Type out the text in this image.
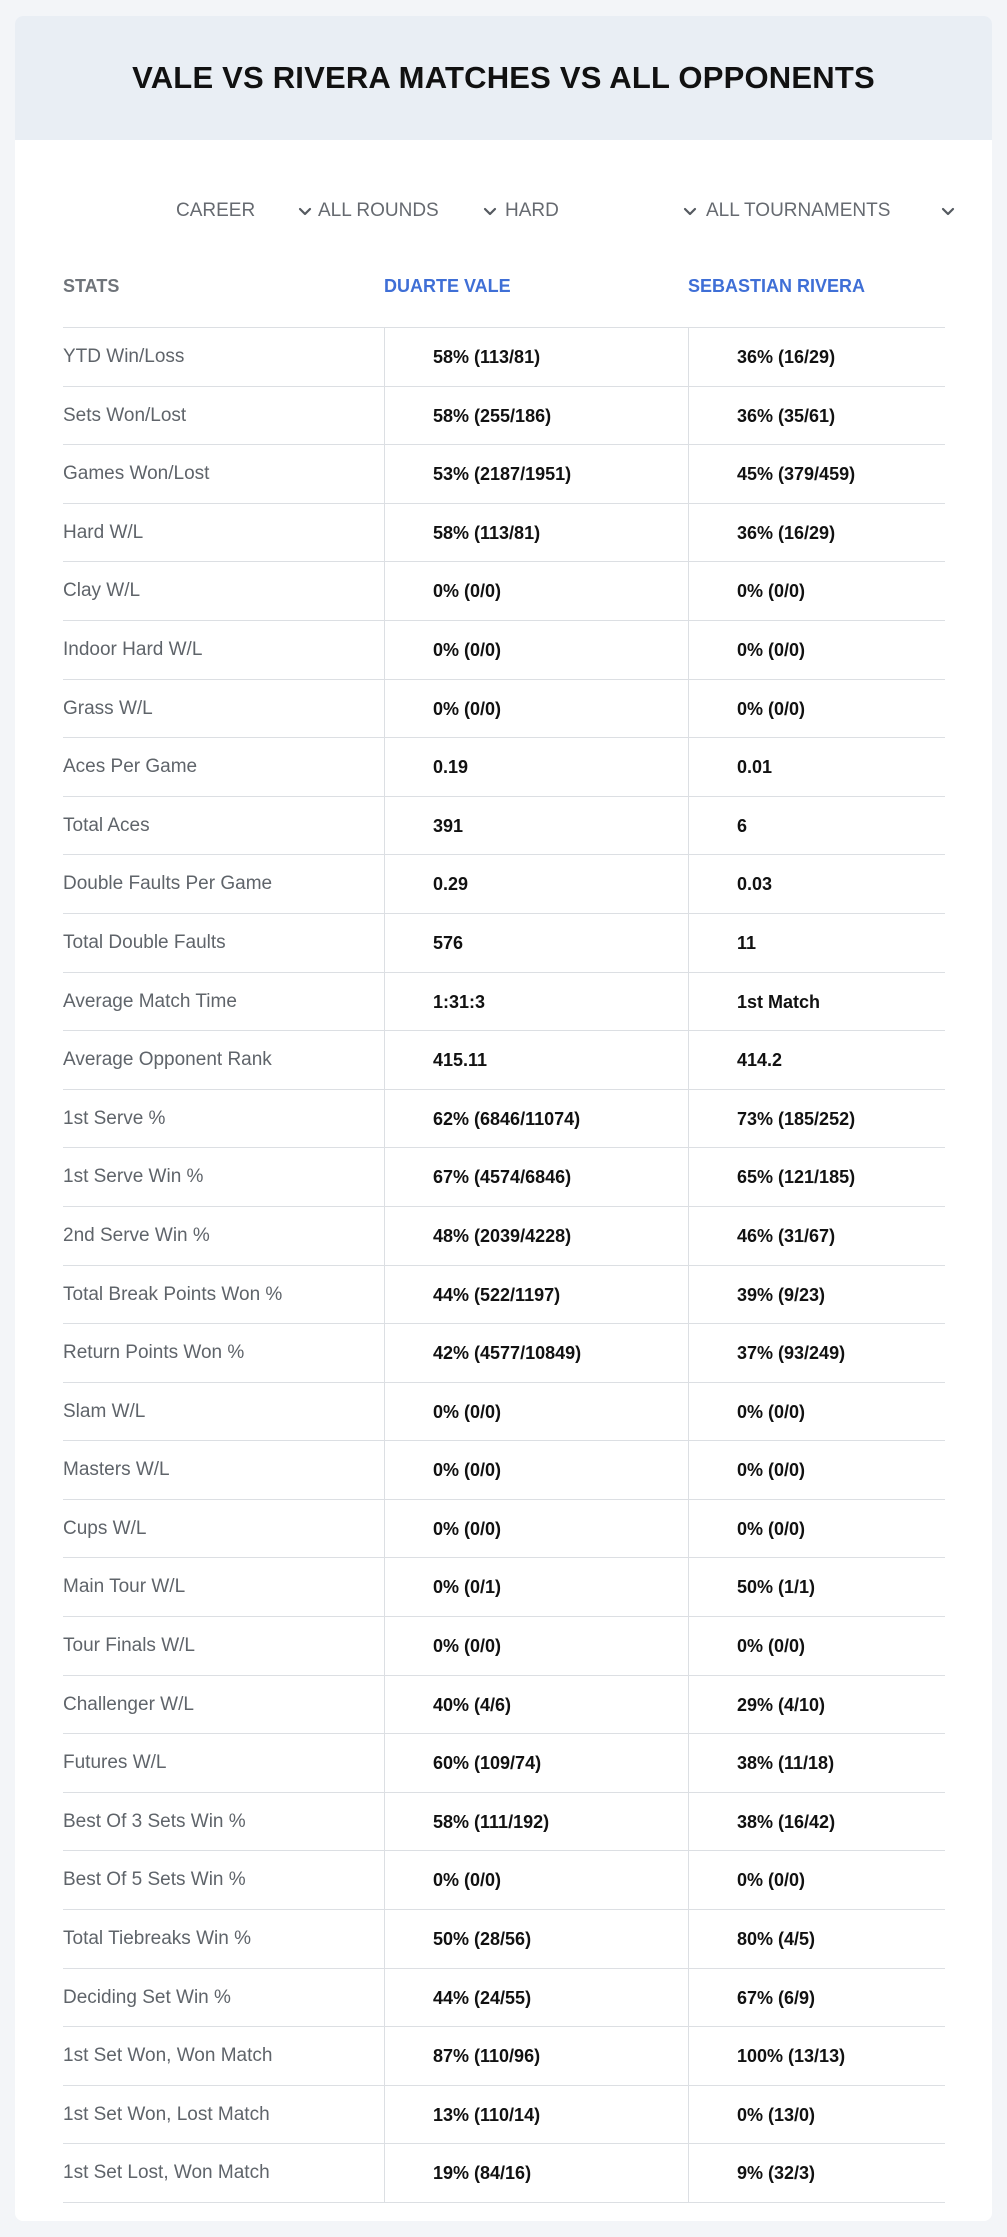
VALE VS RIVERA MATCHES VS ALL OPPONENTS
CAREER	ALL ROUNDS	HARD	ALL TOURNAMENTS
STATS	DUARTE VALE	SEBASTIAN RIVERA
YTD Win/Loss	58% (113/81)	36% (16/29)
Sets Won/Lost	58% (255/186)	36% (35/61)
Games Won/Lost	53% (2187/1951)	45% (379/459)
Hard W/L	58% (113/81)	36% (16/29)
Clay W/L	0% (0/0)	0% (0/0)
Indoor Hard W/L	0% (0/0)	0% (0/0)
Grass W/L	0% (0/0)	0% (0/0)
Aces Per Game	0.19	0.01
Total Aces	391	6
Double Faults Per Game	0.29	0.03
Total Double Faults	576	11
Average Match Time	1:31:3	1st Match
Average Opponent Rank	415.11	414.2
1st Serve %	62% (6846/11074)	73% (185/252)
1st Serve Win %	67% (4574/6846)	65% (121/185)
2nd Serve Win %	48% (2039/4228)	46% (31/67)
Total Break Points Won %	44% (522/1197)	39% (9/23)
Return Points Won %	42% (4577/10849)	37% (93/249)
Slam W/L	0% (0/0)	0% (0/0)
Masters W/L	0% (0/0)	0% (0/0)
Cups W/L	0% (0/0)	0% (0/0)
Main Tour W/L	0% (0/1)	50% (1/1)
Tour Finals W/L	0% (0/0)	0% (0/0)
Challenger W/L	40% (4/6)	29% (4/10)
Futures W/L	60% (109/74)	38% (11/18)
Best Of 3 Sets Win %	58% (111/192)	38% (16/42)
Best Of 5 Sets Win %	0% (0/0)	0% (0/0)
Total Tiebreaks Win %	50% (28/56)	80% (4/5)
Deciding Set Win %	44% (24/55)	67% (6/9)
1st Set Won, Won Match	87% (110/96)	100% (13/13)
1st Set Won, Lost Match	13% (110/14)	0% (13/0)
1st Set Lost, Won Match	19% (84/16)	9% (32/3)
